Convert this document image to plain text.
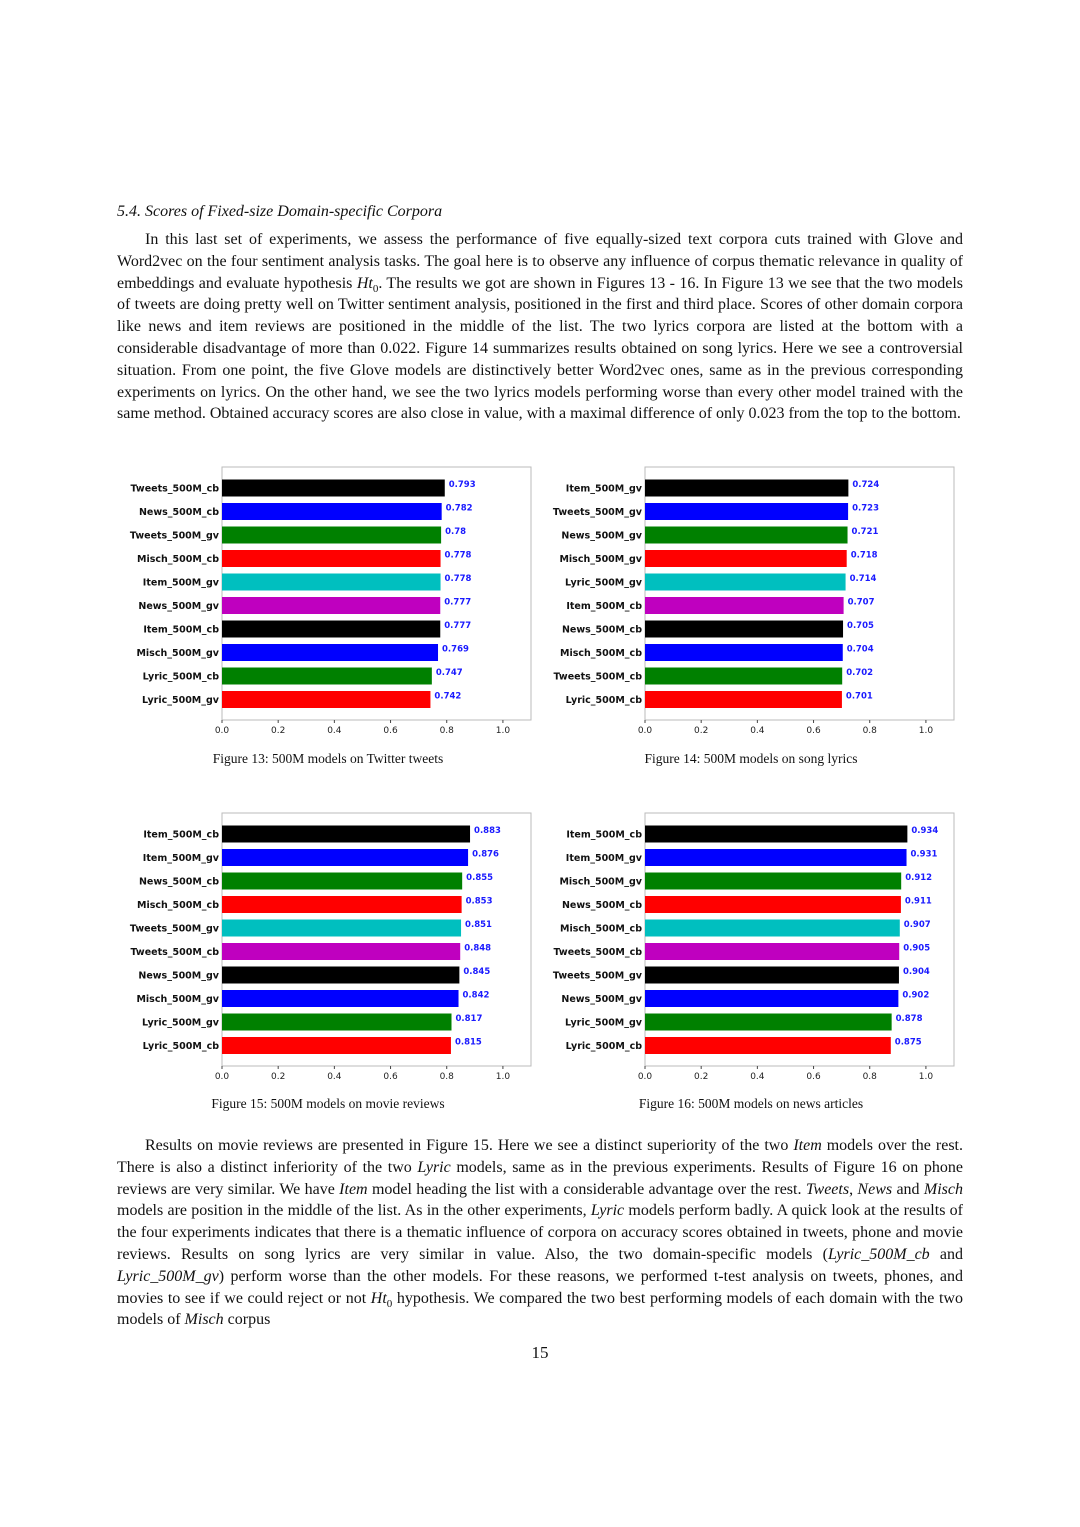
5.4. Scores of Fixed-size Domain-specific Corpora
In this last set of experiments, we assess the performance of five equally-sized text corpora cuts trained with Glove and Word2vec on the four sentiment analysis tasks. The goal here is to observe any influence of corpus thematic relevance in quality of embeddings and evaluate hypothesis $Ht_0$. The results we got are shown in Figures 13 - 16. In Figure 13 we see that the two models of tweets are doing pretty well on Twitter sentiment analysis, positioned in the first and third place. Scores of other domain corpora like news and item reviews are positioned in the middle of the list. The two lyrics corpora are listed at the bottom with a considerable disadvantage of more than 0.022. Figure 14 summarizes results obtained on song lyrics. Here we see a controversial situation. From one point, the five Glove models are distinctively better Word2vec ones, same as in the previous corresponding experiments on lyrics. On the other hand, we see the two lyrics models performing worse than every other model trained with the same method. Obtained accuracy scores are also close in value, with a maximal difference of only 0.023 from the top to the bottom.
Tweets_500M_cb	0.793
News_500M_cb	0.782
Tweets_500M_gv	0.78
Misch_500M_cb	0.778
Item_500M_gv	0.778
News_500M_gv	0.777
Item_500M_cb	0.777
Misch_500M_gv	0.769
Lyric_500M_cb	0.747
Lyric_500M_gv	0.742
0.0	0.2	0.4	0.6	0.8	1.0
Figure 13: 500M models on Twitter tweets
Item_500M_gv	0.724
Tweets_500M_gv	0.723
News_500M_gv	0.721
Misch_500M_gv	0.718
Lyric_500M_gv	0.714
Item_500M_cb	0.707
News_500M_cb	0.705
Misch_500M_cb	0.704
Tweets_500M_cb	0.702
Lyric_500M_cb	0.701
0.0	0.2	0.4	0.6	0.8	1.0
Figure 14: 500M models on song lyrics
Item_500M_cb	0.883
Item_500M_gv	0.876
News_500M_cb	0.855
Misch_500M_cb	0.853
Tweets_500M_gv	0.851
Tweets_500M_cb	0.848
News_500M_gv	0.845
Misch_500M_gv	0.842
Lyric_500M_gv	0.817
Lyric_500M_cb	0.815
0.0	0.2	0.4	0.6	0.8	1.0
Figure 15: 500M models on movie reviews
Item_500M_cb	0.934
Item_500M_gv	0.931
Misch_500M_gv	0.912
News_500M_cb	0.911
Misch_500M_cb	0.907
Tweets_500M_cb	0.905
Tweets_500M_gv	0.904
News_500M_gv	0.902
Lyric_500M_gv	0.878
Lyric_500M_cb	0.875
0.0	0.2	0.4	0.6	0.8	1.0
Figure 16: 500M models on news articles
Results on movie reviews are presented in Figure 15. Here we see a distinct superiority of the two Item models over the rest. There is also a distinct inferiority of the two Lyric models, same as in the previous experiments. Results of Figure 16 on phone reviews are very similar. We have Item model heading the list with a considerable advantage over the rest. Tweets, News and Misch models are position in the middle of the list. As in the other experiments, Lyric models perform badly. A quick look at the results of the four experiments indicates that there is a thematic influence of corpora on accuracy scores obtained in tweets, phone and movie reviews. Results on song lyrics are very similar in value. Also, the two domain-specific models (Lyric_500M_cb and Lyric_500M_gv) perform worse than the other models. For these reasons, we performed t-test analysis on tweets, phones, and movies to see if we could reject or not $Ht_0$ hypothesis. We compared the two best performing models of each domain with the two models of Misch corpus
15
